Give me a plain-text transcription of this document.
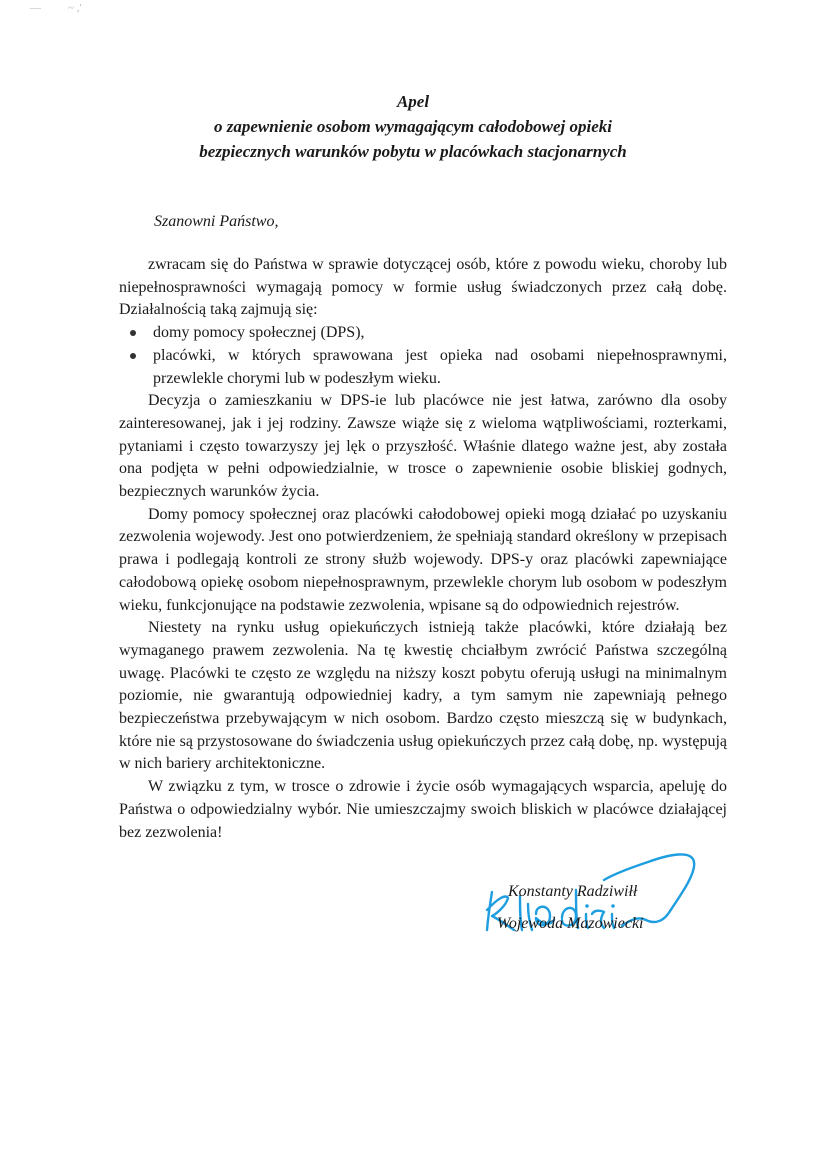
— ~ ,'
Apel
o zapewnienie osobom wymagającym całodobowej opieki
bezpiecznych warunków pobytu w placówkach stacjonarnych
Szanowni Państwo,

zwracam się do Państwa w sprawie dotyczącej osób, które z powodu wieku, choroby lub niepełnosprawności wymagają pomocy w formie usług świadczonych przez całą dobę. Działalnością taką zajmują się:

domy pomocy społecznej (DPS),
placówki, w których sprawowana jest opieka nad osobami niepełnosprawnymi, przewlekle chorymi lub w podeszłym wieku.

Decyzja o zamieszkaniu w DPS-ie lub placówce nie jest łatwa, zarówno dla osoby zainteresowanej, jak i jej rodziny. Zawsze wiąże się z wieloma wątpliwościami, rozterkami, pytaniami i często towarzyszy jej lęk o przyszłość. Właśnie dlatego ważne jest, aby została ona podjęta w pełni odpowiedzialnie, w trosce o zapewnienie osobie bliskiej godnych, bezpiecznych warunków życia.

Domy pomocy społecznej oraz placówki całodobowej opieki mogą działać po uzyskaniu zezwolenia wojewody. Jest ono potwierdzeniem, że spełniają standard określony w przepisach prawa i podlegają kontroli ze strony służb wojewody. DPS-y oraz placówki zapewniające całodobową opiekę osobom niepełnosprawnym, przewlekle chorym lub osobom w podeszłym wieku, funkcjonujące na podstawie zezwolenia, wpisane są do odpowiednich rejestrów.

Niestety na rynku usług opiekuńczych istnieją także placówki, które działają bez wymaganego prawem zezwolenia. Na tę kwestię chciałbym zwrócić Państwa szczególną uwagę. Placówki te często ze względu na niższy koszt pobytu oferują usługi na minimalnym poziomie, nie gwarantują odpowiedniej kadry, a tym samym nie zapewniają pełnego bezpieczeństwa przebywającym w nich osobom. Bardzo często mieszczą się w budynkach, które nie są przystosowane do świadczenia usług opiekuńczych przez całą dobę, np. występują w nich bariery architektoniczne.

W związku z tym, w trosce o zdrowie i życie osób wymagających wsparcia, apeluję do Państwa o odpowiedzialny wybór. Nie umieszczajmy swoich bliskich w placówce działającej bez zezwolenia!

Konstanty Radziwiłł
Wojewoda Mazowiecki
